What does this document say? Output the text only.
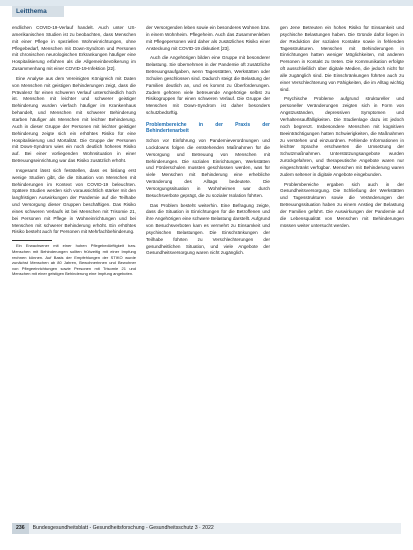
Leitthema

endlichen COVID-19-Verlauf handelt. Auch unter US-amerikanischen Studien ist zu beobachten, dass Menschen mit einer Pflege in speziellen Wohneinrichtungen, ohne Pflegebedarf, Menschen mit Down-Syndrom und Personen mit chronischen neurologischen Erkrankungen häufiger eine Hospitalisierung erfahren als die Allgemeinbevölkerung im Zusammenhang mit einer COVID-19-Infektion [22].

Eine Analyse aus dem Vereinigten Königreich mit Daten von Menschen mit geistigen Behinderungen zeigt, dass die Prävalenz für einen schweren Verlauf unterschiedlich hoch ist. Menschen mit leichter und schwerer geistiger Behinderung wurden vierfach häufiger im Krankenhaus behandelt, und Menschen mit schwerer Behinderung starben häufiger als Menschen mit leichter Behinderung. Auch in dieser Gruppe der Personen mit leichter geistiger Behinderung zeigte sich ein erhöhtes Risiko für eine Hospitalisierung und Mortalität. Die Gruppe der Personen mit Down-Syndrom wies ein noch deutlich höheres Risiko auf. Bei einer vorliegenden Wohnsituation in einer Betreuungseinrichtung war das Risiko zusätzlich erhöht.

Insgesamt lässt sich feststellen, dass es bislang erst wenige Studien gibt, die die Situation von Menschen mit Behinderungen im Kontext von COVID-19 beleuchten. Spätere Studien werden sich voraussichtlich stärker mit den langfristigen Auswirkungen der Pandemie auf die Teilhabe und Versorgung dieser Gruppen beschäftigen. Das Risiko eines schweren Verlaufs ist bei Menschen mit Trisomie 21, bei Personen mit Pflege in Wohneinrichtungen und bei Menschen mit schwerer Behinderung erhöht. Ein erhöhtes Risiko besteht auch für Personen mit Mehrfachbehinderung.

Ein Erwachsener mit einer hohen Pflegebedürftigkeit bzw. Menschen mit Behinderungen sollten frühzeitig mit einer Impfung rechnen können. Auf Basis der Empfehlungen der STIKO wurde zunächst Menschen ab 80 Jahren, Bewohnerinnen und Bewohner von Pflegeeinrichtungen sowie Personen mit Trisomie 21 und Menschen mit einer geistigen Behinderung eine Impfung angeboten.

der Versorgenden leben sowie ein besonderes Wohnen bzw. in einem Wohnheim. Pflegeheim. Auch das Zusammenleben mit Pflegepersonen wird daher als zusätzliches Risiko einer Ansteckung mit COVID-19 diskutiert [23].

Auch die Angehörigen bilden eine Gruppe mit besonderer Belastung. Sie übernehmen in der Pandemie oft zusätzliche Betreuungsaufgaben, wenn Tagesstätten, Werkstätten oder Schulen geschlossen sind. Dadurch steigt die Belastung der Familien deutlich an, und es kommt zu Überforderungen. Zudem gehören viele betreuende Angehörige selbst zu Risikogruppen für einen schweren Verlauf. Die Gruppe der Menschen mit Down-Syndrom ist daher besonders schutzbedürftig.

Problembereiche in der Praxis der Behindertenarbeit

Schon vor Einführung von Pandemieverordnungen und Lockdowns folgen die entstehenden Maßnahmen für die Versorgung und Betreuung von Menschen mit Behinderungen. Die sozialen Einrichtungen, Werkstätten und Förderschulen mussten geschlossen werden, was für viele Menschen mit Behinderung eine erhebliche Veränderung des Alltags bedeutete. Die Versorgungssituation in Wohnheimen war durch Besuchsverbote geprägt, die zu sozialer Isolation führten.

Das Problem besteht weiterhin. Eine Befragung zeigte, dass die Situation in Einrichtungen für die Betroffenen und ihre Angehörigen eine schwere Belastung darstellt. Aufgrund von Besuchsverboten kam es vermehrt zu Einsamkeit und psychischen Belastungen. Die Einschränkungen der Teilhabe führten zu Verschlechterungen der gesundheitlichen Situation, und viele Angebote der Gesundheitsversorgung waren nicht zugänglich.

gen Jene Betreuten ein hohes Risiko für Einsamkeit und psychische Belastungen haben. Die Gründe dafür liegen in der Reduktion der sozialen Kontakte sowie in fehlenden Tagesstrukturen. Menschen mit Behinderungen in Einrichtungen hatten weniger Möglichkeiten, mit anderen Personen in Kontakt zu treten. Die Kommunikation erfolgte oft ausschließlich über digitale Medien, die jedoch nicht für alle zugänglich sind. Die Einschränkungen führten auch zu einer Verschlechterung von Fähigkeiten, die im Alltag wichtig sind.

Psychische Probleme aufgrund struktureller und personeller Veränderungen zeigten sich in Form von Angstzuständen, depressiven Symptomen und Verhaltensauffälligkeiten. Die Studienlage dazu ist jedoch noch begrenzt. Insbesondere Menschen mit kognitiven Beeinträchtigungen hatten Schwierigkeiten, die Maßnahmen zu verstehen und einzuordnen. Fehlende Informationen in leichter Sprache erschwerten die Umsetzung der Schutzmaßnahmen. Unterstützungsangebote wurden zurückgefahren, und therapeutische Angebote waren nur eingeschränkt verfügbar. Menschen mit Behinderung waren zudem seltener in digitale Angebote eingebunden.

Problembereiche ergaben sich auch in der Gesundheitsversorgung. Die Schließung der Werkstätten und Tagesstrukturen sowie die Veränderungen der Betreuungssituation haben zu einem Anstieg der Belastung der Familien geführt. Die Auswirkungen der Pandemie auf die Lebensqualität von Menschen mit Behinderungen müssen weiter untersucht werden.

236 Bundesgesundheitsblatt - Gesundheitsforschung - Gesundheitsschutz 3 · 2022
